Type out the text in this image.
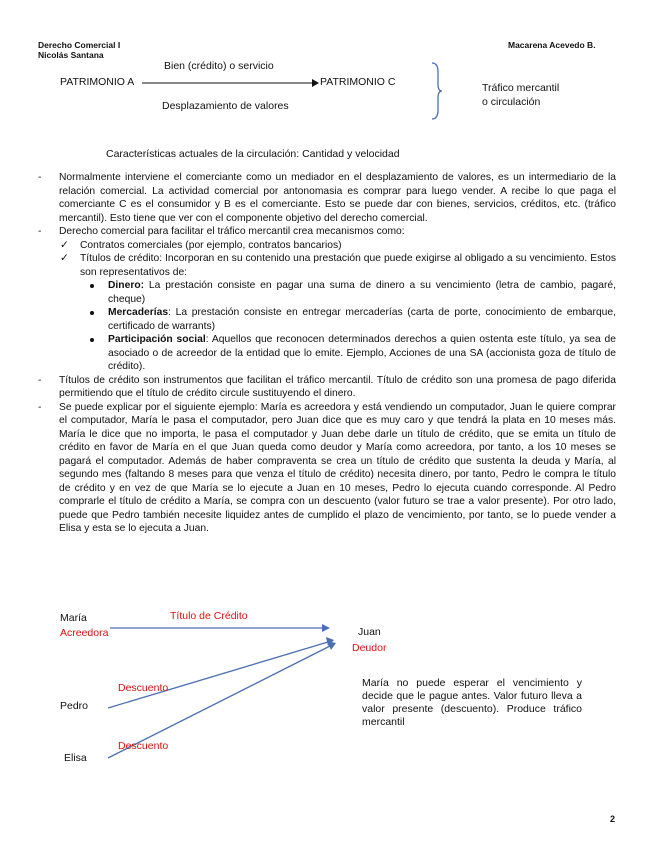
Derecho Comercial I
Nicolás Santana
Macarena Acevedo B.
Bien (crédito) o servicio
PATRIMONIO A	PATRIMONIO C
Desplazamiento de valores
Tráfico mercantil
o circulación
Características actuales de la circulación: Cantidad y velocidad
- Normalmente interviene el comerciante como un mediador en el desplazamiento de valores, es un intermediario de la relación comercial. La actividad comercial por antonomasia es comprar para luego vender. A recibe lo que paga el comerciante C es el consumidor y B es el comerciante. Esto se puede dar con bienes, servicios, créditos, etc. (tráfico mercantil). Esto tiene que ver con el componente objetivo del derecho comercial.
- Derecho comercial para facilitar el tráfico mercantil crea mecanismos como:
✓ Contratos comerciales (por ejemplo, contratos bancarios)
✓ Títulos de crédito: Incorporan en su contenido una prestación que puede exigirse al obligado a su vencimiento. Estos son representativos de:
Dinero: La prestación consiste en pagar una suma de dinero a su vencimiento (letra de cambio, pagaré, cheque)
Mercaderías: La prestación consiste en entregar mercaderías (carta de porte, conocimiento de embarque, certificado de warrants)
Participación social: Aquellos que reconocen determinados derechos a quien ostenta este título, ya sea de asociado o de acreedor de la entidad que lo emite. Ejemplo, Acciones de una SA (accionista goza de título de crédito).
- Títulos de crédito son instrumentos que facilitan el tráfico mercantil. Título de crédito son una promesa de pago diferida permitiendo que el título de crédito circule sustituyendo el dinero.
- Se puede explicar por el siguiente ejemplo: María es acreedora y está vendiendo un computador, Juan le quiere comprar el computador, María le pasa el computador, pero Juan dice que es muy caro y que tendrá la plata en 10 meses más. María le dice que no importa, le pasa el computador y Juan debe darle un título de crédito, que se emita un título de crédito en favor de María en el que Juan queda como deudor y María como acreedora, por tanto, a los 10 meses se pagará el computador. Además de haber compraventa se crea un título de crédito que sustenta la deuda y María, al segundo mes (faltando 8 meses para que venza el título de crédito) necesita dinero, por tanto, Pedro le compra le título de crédito y en vez de que María se lo ejecute a Juan en 10 meses, Pedro lo ejecuta cuando corresponde. Al Pedro comprarle el título de crédito a María, se compra con un descuento (valor futuro se trae a valor presente). Por otro lado, puede que Pedro también necesite liquidez antes de cumplido el plazo de vencimiento, por tanto, se lo puede vender a Elisa y esta se lo ejecuta a Juan.
María
Acreedora
Título de Crédito
Juan
Deudor
Descuento
Pedro
Descuento
Elisa
María no puede esperar el vencimiento y decide que le pague antes. Valor futuro lleva a valor presente (descuento). Produce tráfico mercantil
2
